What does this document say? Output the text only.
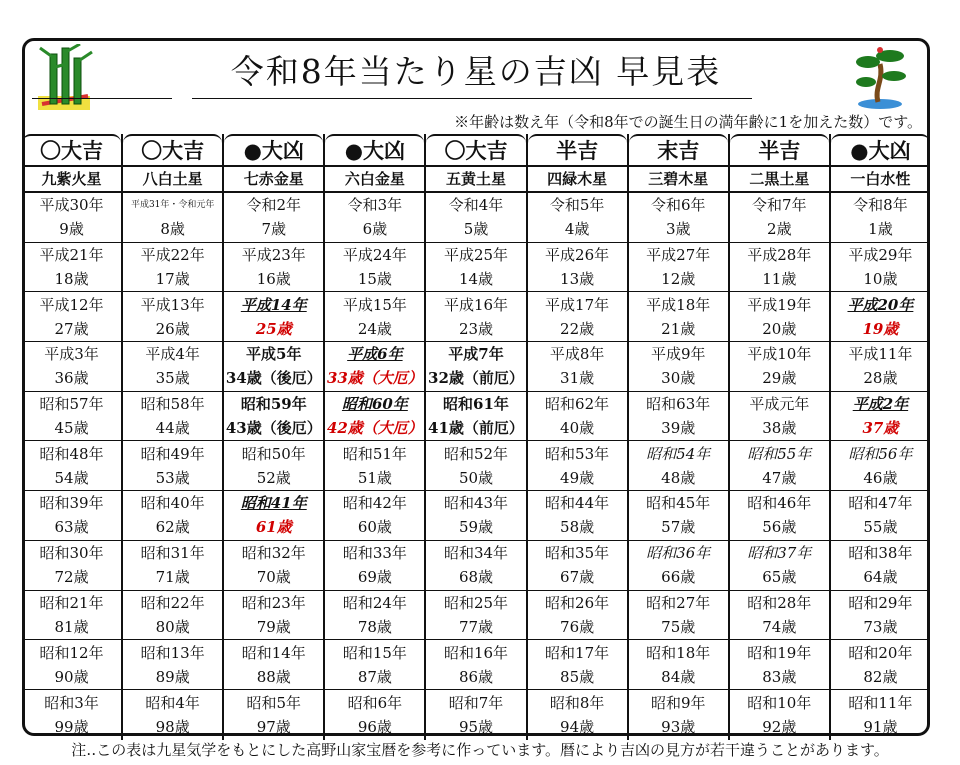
令和8年当たり星の吉凶 早見表
※年齢は数え年（令和8年での誕生日の満年齢に1を加えた数）です。
〇大吉
九紫火星
平成30年
9歳
平成21年
18歳
平成12年
27歳
平成3年
36歳
昭和57年
45歳
昭和48年
54歳
昭和39年
63歳
昭和30年
72歳
昭和21年
81歳
昭和12年
90歳
昭和3年
99歳
〇大吉
八白土星
平成31年・令和元年
8歳
平成22年
17歳
平成13年
26歳
平成4年
35歳
昭和58年
44歳
昭和49年
53歳
昭和40年
62歳
昭和31年
71歳
昭和22年
80歳
昭和13年
89歳
昭和4年
98歳
●大凶
七赤金星
令和2年
7歳
平成23年
16歳
平成14年
25歳
平成5年
34歳（後厄）
昭和59年
43歳（後厄）
昭和50年
52歳
昭和41年
61歳
昭和32年
70歳
昭和23年
79歳
昭和14年
88歳
昭和5年
97歳
●大凶
六白金星
令和3年
6歳
平成24年
15歳
平成15年
24歳
平成6年
33歳（大厄）
昭和60年
42歳（大厄）
昭和51年
51歳
昭和42年
60歳
昭和33年
69歳
昭和24年
78歳
昭和15年
87歳
昭和6年
96歳
〇大吉
五黄土星
令和4年
5歳
平成25年
14歳
平成16年
23歳
平成7年
32歳（前厄）
昭和61年
41歳（前厄）
昭和52年
50歳
昭和43年
59歳
昭和34年
68歳
昭和25年
77歳
昭和16年
86歳
昭和7年
95歳
半吉
四緑木星
令和5年
4歳
平成26年
13歳
平成17年
22歳
平成8年
31歳
昭和62年
40歳
昭和53年
49歳
昭和44年
58歳
昭和35年
67歳
昭和26年
76歳
昭和17年
85歳
昭和8年
94歳
末吉
三碧木星
令和6年
3歳
平成27年
12歳
平成18年
21歳
平成9年
30歳
昭和63年
39歳
昭和54年
48歳
昭和45年
57歳
昭和36年
66歳
昭和27年
75歳
昭和18年
84歳
昭和9年
93歳
半吉
二黒土星
令和7年
2歳
平成28年
11歳
平成19年
20歳
平成10年
29歳
平成元年
38歳
昭和55年
47歳
昭和46年
56歳
昭和37年
65歳
昭和28年
74歳
昭和19年
83歳
昭和10年
92歳
●大凶
一白水性
令和8年
1歳
平成29年
10歳
平成20年
19歳
平成11年
28歳
平成2年
37歳
昭和56年
46歳
昭和47年
55歳
昭和38年
64歳
昭和29年
73歳
昭和20年
82歳
昭和11年
91歳
注‥この表は九星気学をもとにした高野山家宝暦を参考に作っています。暦により吉凶の見方が若干違うことがあります。
